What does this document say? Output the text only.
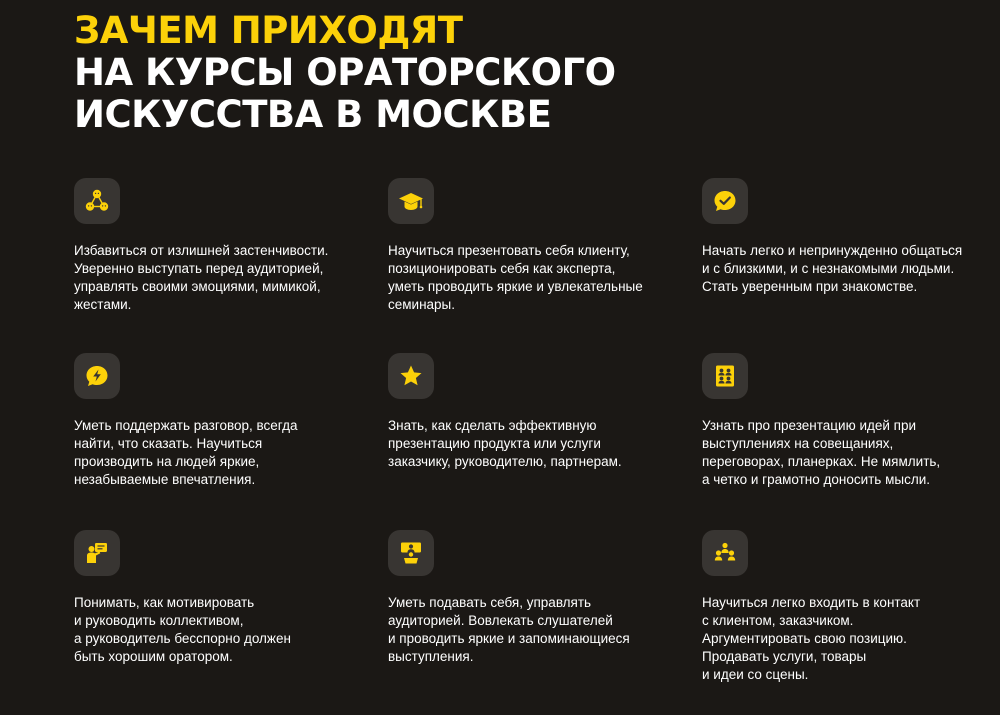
ЗАЧЕМ ПРИХОДЯТ
НА КУРСЫ ОРАТОРСКОГО
ИСКУССТВА В МОСКВЕ
Избавиться от излишней застенчивости.
Уверенно выступать перед аудиторией,
управлять своими эмоциями, мимикой,
жестами.
Научиться презентовать себя клиенту,
позиционировать себя как эксперта,
уметь проводить яркие и увлекательные
семинары.
Начать легко и непринужденно общаться
и с близкими, и с незнакомыми людьми.
Стать уверенным при знакомстве.
Уметь поддержать разговор, всегда
найти, что сказать. Научиться
производить на людей яркие,
незабываемые впечатления.
Знать, как сделать эффективную
презентацию продукта или услуги
заказчику, руководителю, партнерам.
Узнать про презентацию идей при
выступлениях на совещаниях,
переговорах, планерках. Не мямлить,
а четко и грамотно доносить мысли.
Понимать, как мотивировать
и руководить коллективом,
а руководитель бесспорно должен
быть хорошим оратором.
Уметь подавать себя, управлять
аудиторией. Вовлекать слушателей
и проводить яркие и запоминающиеся
выступления.
Научиться легко входить в контакт
с клиентом, заказчиком.
Аргументировать свою позицию.
Продавать услуги, товары
и идеи со сцены.
